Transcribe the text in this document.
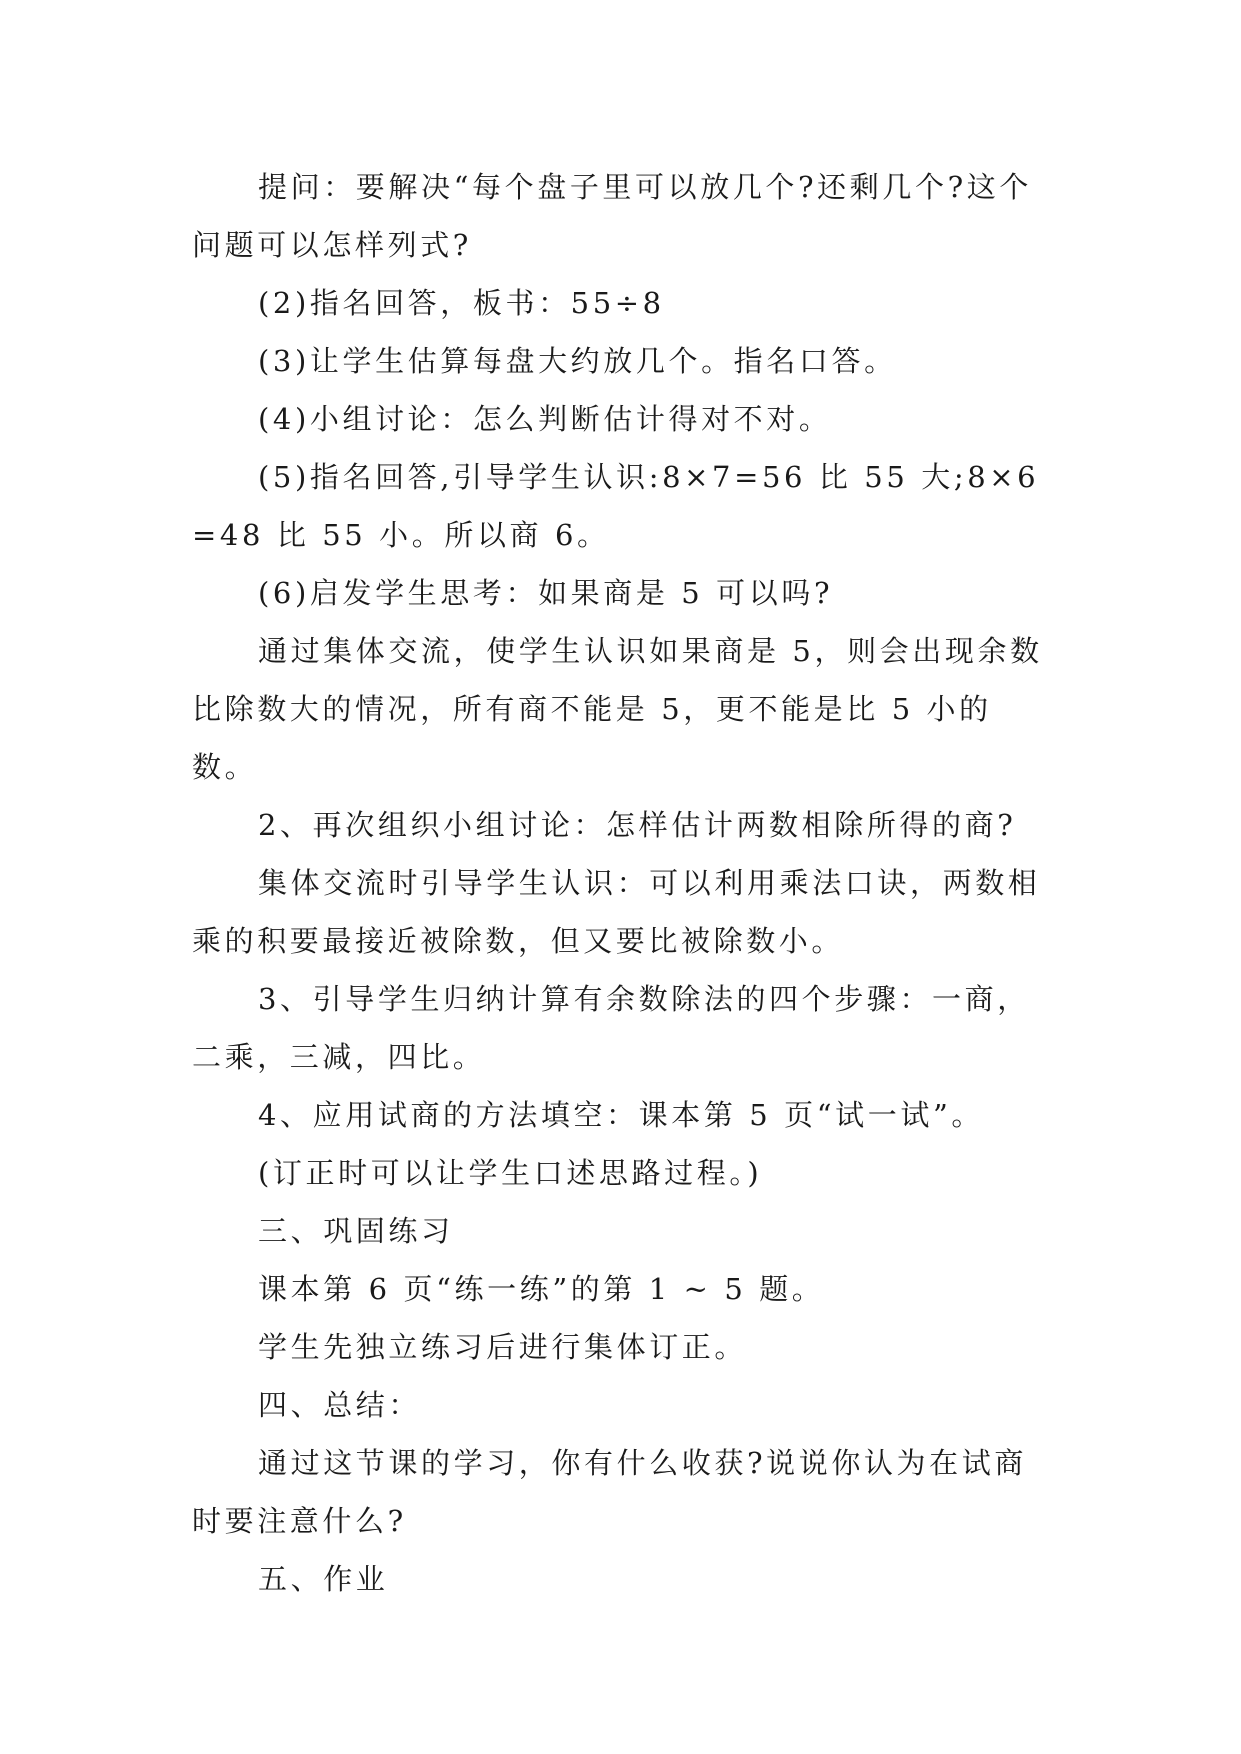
提问：要解决“每个盘子里可以放几个?还剩几个?这个问题可以怎样列式?

(2)指名回答，板书：55÷8

(3)让学生估算每盘大约放几个。指名口答。

(4)小组讨论：怎么判断估计得对不对。

(5)指名回答,引导学生认识:8×7=56 比 55 大;8×6=48 比 55 小。所以商 6。

(6)启发学生思考：如果商是 5 可以吗?

通过集体交流，使学生认识如果商是 5，则会出现余数比除数大的情况，所有商不能是 5，更不能是比 5 小的数。

2、再次组织小组讨论：怎样估计两数相除所得的商?

集体交流时引导学生认识：可以利用乘法口诀，两数相乘的积要最接近被除数，但又要比被除数小。

3、引导学生归纳计算有余数除法的四个步骤：一商，二乘，三减，四比。

4、应用试商的方法填空：课本第 5 页“试一试”。

(订正时可以让学生口述思路过程。)

三、巩固练习

课本第 6 页“练一练”的第 1 ~ 5 题。

学生先独立练习后进行集体订正。

四、总结：

通过这节课的学习，你有什么收获?说说你认为在试商时要注意什么?

五、作业
